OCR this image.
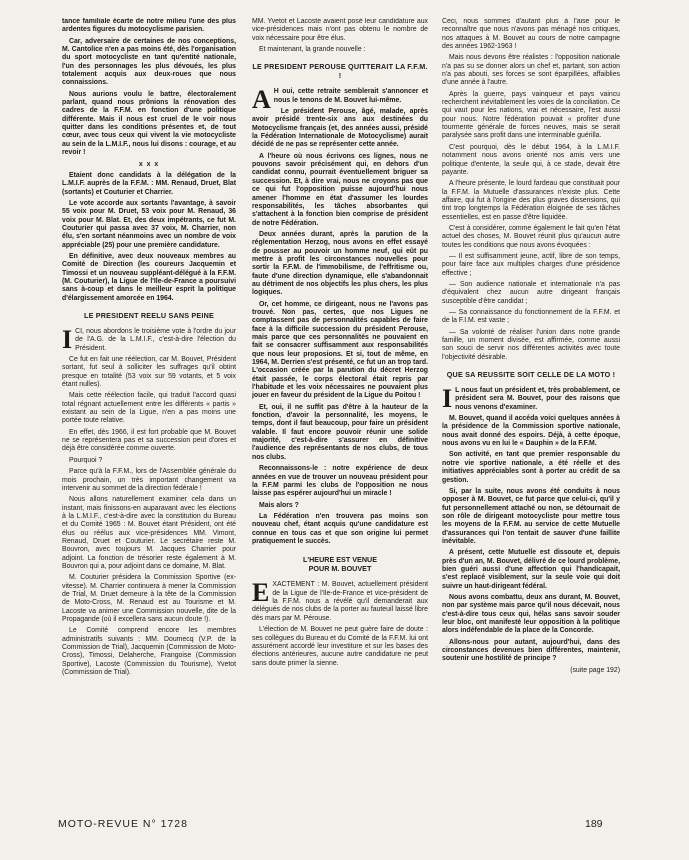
tance familiale écarte de notre milieu l'une des plus ardentes figures du motocyclisme parisien.

Car, adversaire de certaines de nos conceptions, M. Cantolice n'en a pas moins été, dès l'organisation du sport motocycliste en tant qu'entité nationale, l'un des personnages les plus dévoués, les plus totalement acquis aux deux-roues que nous connaissions.

Nous aurions voulu le battre, électoralement parlant, quand nous prônions la rénovation des cadres de la F.F.M. en fonction d'une politique différente. Mais il nous est cruel de le voir nous quitter dans les conditions présentes et, de tout cœur, avec tous ceux qui vivent la vie motocycliste au sein de la L.M.I.F., nous lui disons : courage, et au revoir !

x x x

Etaient donc candidats à la délégation de la L.M.I.F. auprès de la F.F.M. : MM. Renaud, Druet, Blat (sortants) et Couturier et Charrier.

Le vote accorde aux sortants l'avantage, à savoir 55 voix pour M. Druet, 53 voix pour M. Renaud, 36 voix pour M. Blat. Et, des deux impétrants, ce fut M. Couturier qui passa avec 37 voix, M. Charrier, non élu, s'en sortant néanmoins avec un nombre de voix appréciable (25) pour une première candidature.

En définitive, avec deux nouveaux membres au Comité de Direction (les coureurs Jacquemin et Timossi et un nouveau suppléant-délégué à la F.F.M. (M. Couturier), la Ligue de l'Ile-de-France a poursuivi sans à-coup et dans le meilleur esprit la politique d'élargissement amorcée en 1964.

LE PRESIDENT REELU SANS PEINE

ICI, nous abordons le troisième vote à l'ordre du jour de l'A.G. de la L.M.I.F., c'est-à-dire l'élection du Président.

Ce fut en fait une réélection, car M. Bouvet, Président sortant, fut seul à solliciter les suffrages qu'il obtint presque en totalité (53 voix sur 59 votants, et 5 voix étant nulles).

Mais cette réélection facile, qui traduit l'accord quasi total régnant actuellement entre les différents « partis » existant au sein de la Ligue, n'en a pas moins une portée toute relative.

En effet, dès 1966, il est fort probable que M. Bouvet ne se représentera pas et sa succession peut d'ores et déjà être considérée comme ouverte.

Pourquoi ?

Parce qu'à la F.F.M., lors de l'Assemblée générale du mois prochain, un très important changement va intervenir au sommet de la direction fédérale !

Nous allons naturellement examiner cela dans un instant, mais finissons-en auparavant avec les élections à la L.M.I.F., c'est-à-dire avec la constitution du Bureau et du Comité 1965 : M. Bouvet étant Président, ont été élus ou réélus aux vice-présidences MM. Vimont, Renaud, Druet et Couturier. Le secrétaire reste M. Bouvron, avec toujours M. Jacques Charrier pour adjoint. La fonction de trésorier reste également à M. Bouvron qui a, pour adjoint dans ce domaine, M. Blat.

M. Couturier présidera la Commission Sportive (ex-vitesse). M. Charrier continuera à mener la Commission de Trial, M. Druet demeure à la tête de la Commission de Moto-Cross, M. Renaud est au Tourisme et M. Lacoste va animer une Commission nouvelle, dite de la Propagande (où il excellera sans aucun doute !).

Le Comité comprend encore les membres administratifs suivants : MM. Doumecq (V.P. de la Commission de Trial), Jacquemin (Commission de Moto-Cross), Timossi, Delaherche, Frangoise (Commission Sportive), Lacoste (Commission du Tourisme), Yvetot (Commission de Trial).

MM. Yvetot et Lacoste avaient posé leur candidature aux vice-présidences mais n'ont pas obtenu le nombre de voix nécessaire pour être élus.

Et maintenant, la grande nouvelle :

LE PRESIDENT PEROUSE QUITTERAIT LA F.F.M. !

A H oui, cette retraite semblerait s'annoncer et nous le tenons de M. Bouvet lui-même.

Le président Perouse, âgé, malade, après avoir présidé trente-six ans aux destinées du Motocyclisme français (et, des années aussi, présidé la Fédération Internationale de Motocyclisme) aurait décidé de ne pas se représenter cette année.

A l'heure où nous écrivons ces lignes, nous ne pouvons savoir précisément qui, en dehors d'un candidat connu, pourrait éventuellement briguer sa succession. Et, à dire vrai, nous ne croyons pas que ce qui fut l'opposition puisse aujourd'hui nous amener l'homme en état d'assumer les lourdes responsabilités, les tâches absorbantes qui s'attachent à la fonction bien comprise de président de notre Fédération.

Deux années durant, après la parution de la réglementation Herzog, nous avons en effet essayé de pousser au pouvoir un homme neuf, qui eût pu mettre à profit les circonstances nouvelles pour sortir la F.F.M. de l'immobilisme, de l'effritisme ou, faute d'une direction dynamique, elle s'abandonnait au détriment de nos objectifs les plus chers, les plus logiques.

Or, cet homme, ce dirigeant, nous ne l'avons pas trouvé. Non pas, certes, que nos Ligues ne comptassent pas de personnalités capables de faire face à la difficile succession du président Perouse, mais parce que ces personnalités ne pouvaient en fait se consacrer suffisamment aux responsabilités que nous leur proposions. Et si, tout de même, en 1964, M. Derrien s'est présenté, ce fut un an trop tard. L'occasion créée par la parution du décret Herzog était passée, le corps électoral était repris par l'habitude et les voix nécessaires ne pouvaient plus jouer en faveur du président de la Ligue du Poitou !

Et, oui, il ne suffit pas d'être à la hauteur de la fonction, d'avoir la personnalité, les moyens, le temps, dont il faut beaucoup, pour faire un président valable. Il faut encore pouvoir réunir une solide majorité, c'est-à-dire s'assurer en définitive l'audience des représentants de nos clubs, de tous nos clubs.

Reconnaissons-le : notre expérience de deux années en vue de trouver un nouveau président pour la F.F.M parmi les clubs de l'opposition ne nous laisse pas espérer aujourd'hui un miracle !

Mais alors ?

La Fédération n'en trouvera pas moins son nouveau chef, étant acquis qu'une candidature est connue en tous cas et que son origine lui permet pratiquement le succès.

L'HEURE EST VENUE
POUR M. BOUVET

EXACTEMENT : M. Bouvet, actuellement président de la Ligue de l'Ile-de-France et vice-président de la F.F.M. nous a révélé qu'il demanderait aux délégués de nos clubs de la porter au fauteuil laissé libre dès mars par M. Pérouse.

L'élection de M. Bouvet ne peut guère faire de doute : ses collègues du Bureau et du Comité de la F.F.M. lui ont assurément accordé leur investiture et sur les bases des élections antérieures, aucune autre candidature ne peut sans doute primer la sienne.

Ceci, nous sommes d'autant plus à l'aise pour le reconnaître que nous n'avons pas ménagé nos critiques, nos attaques à M. Bouvet au cours de notre campagne des années 1962-1963 !

Mais nous devons être réalistes : l'opposition nationale n'a pas su se donner alors un chef et, partant, son action n'a pas abouti, ses forces se sont éparpillées, affaiblies d'une année à l'autre.

Après la guerre, pays vainqueur et pays vaincu recherchent inévitablement les voies de la conciliation. Ce qui vaut pour les nations, vrai et nécessaire, l'est aussi pour nous. Notre fédération pouvait « profiter d'une tourmente générale de forces neuves, mais se serait paralysée sans profit dans une interminable guérilla.

C'est pourquoi, dès le début 1964, à la L.M.I.F. notamment nous avons orienté nos amis vers une politique d'entente, la seule qui, à ce stade, devait être payante.

A l'heure présente, le lourd fardeau que constituait pour la F.F.M. la Mutuelle d'assurances n'existe plus. Cette affaire, qui fut à l'origine des plus graves dissensions, qui tint trop longtemps la Fédération éloignée de ses tâches essentielles, est en passe d'être liquidée.

C'est à considérer, comme également le fait qu'en l'état actuel des choses, M. Bouvet réunit plus qu'aucun autre toutes les conditions que nous avons évoquées :

— Il est suffisamment jeune, actif, libre de son temps, pour faire face aux multiples charges d'une présidence effective ;

— Son audience nationale et internationale n'a pas d'équivalent chez aucun autre dirigeant français susceptible d'être candidat ;

— Sa connaissance du fonctionnement de la F.F.M. et de la F.I.M. est vaste ;

— Sa volonté de réaliser l'union dans notre grande famille, un moment divisée, est affirmée, comme aussi son souci de servir nos différentes activités avec toute l'objectivité désirable.

QUE SA REUSSITE SOIT CELLE DE LA MOTO !

I L nous faut un président et, très probablement, ce président sera M. Bouvet, pour des raisons que nous venons d'examiner.

M. Bouvet, quand il accéda voici quelques années à la présidence de la Commission sportive nationale, nous avait donné des espoirs. Déjà, à cette époque, nous avons vu en lui le « Dauphin » de la F.F.M.

Son activité, en tant que premier responsable du notre vie sportive nationale, a été réelle et des initiatives appréciables sont à porter au crédit de sa gestion.

Si, par la suite, nous avons été conduits à nous opposer à M. Bouvet, ce fut parce que celui-ci, qu'il y fut personnellement attaché ou non, se détournait de son rôle de dirigeant motocycliste pour mettre tous les moyens de la F.F.M. au service de cette Mutuelle d'assurances qui l'on tentait de sauver d'une faillite inévitable.

A présent, cette Mutuelle est dissoute et, depuis près d'un an, M. Bouvet, délivré de ce lourd problème, bien guéri aussi d'une affection qui l'handicapait, s'est replacé visiblement, sur la seule voie qui doit suivre un haut-dirigeant fédéral.

Nous avons combattu, deux ans durant, M. Bouvet, non par système mais parce qu'il nous décevait, nous c'est-à-dire tous ceux qui, hélas sans savoir souder leur bloc, ont manifesté leur opposition à la politique alors indéfendable de la place de la Concorde.

Allons-nous pour autant, aujourd'hui, dans des circonstances devenues bien différentes, maintenir, soutenir une hostilité de principe ?

(suite page 192)

MOTO-REVUE N° 1728	189
